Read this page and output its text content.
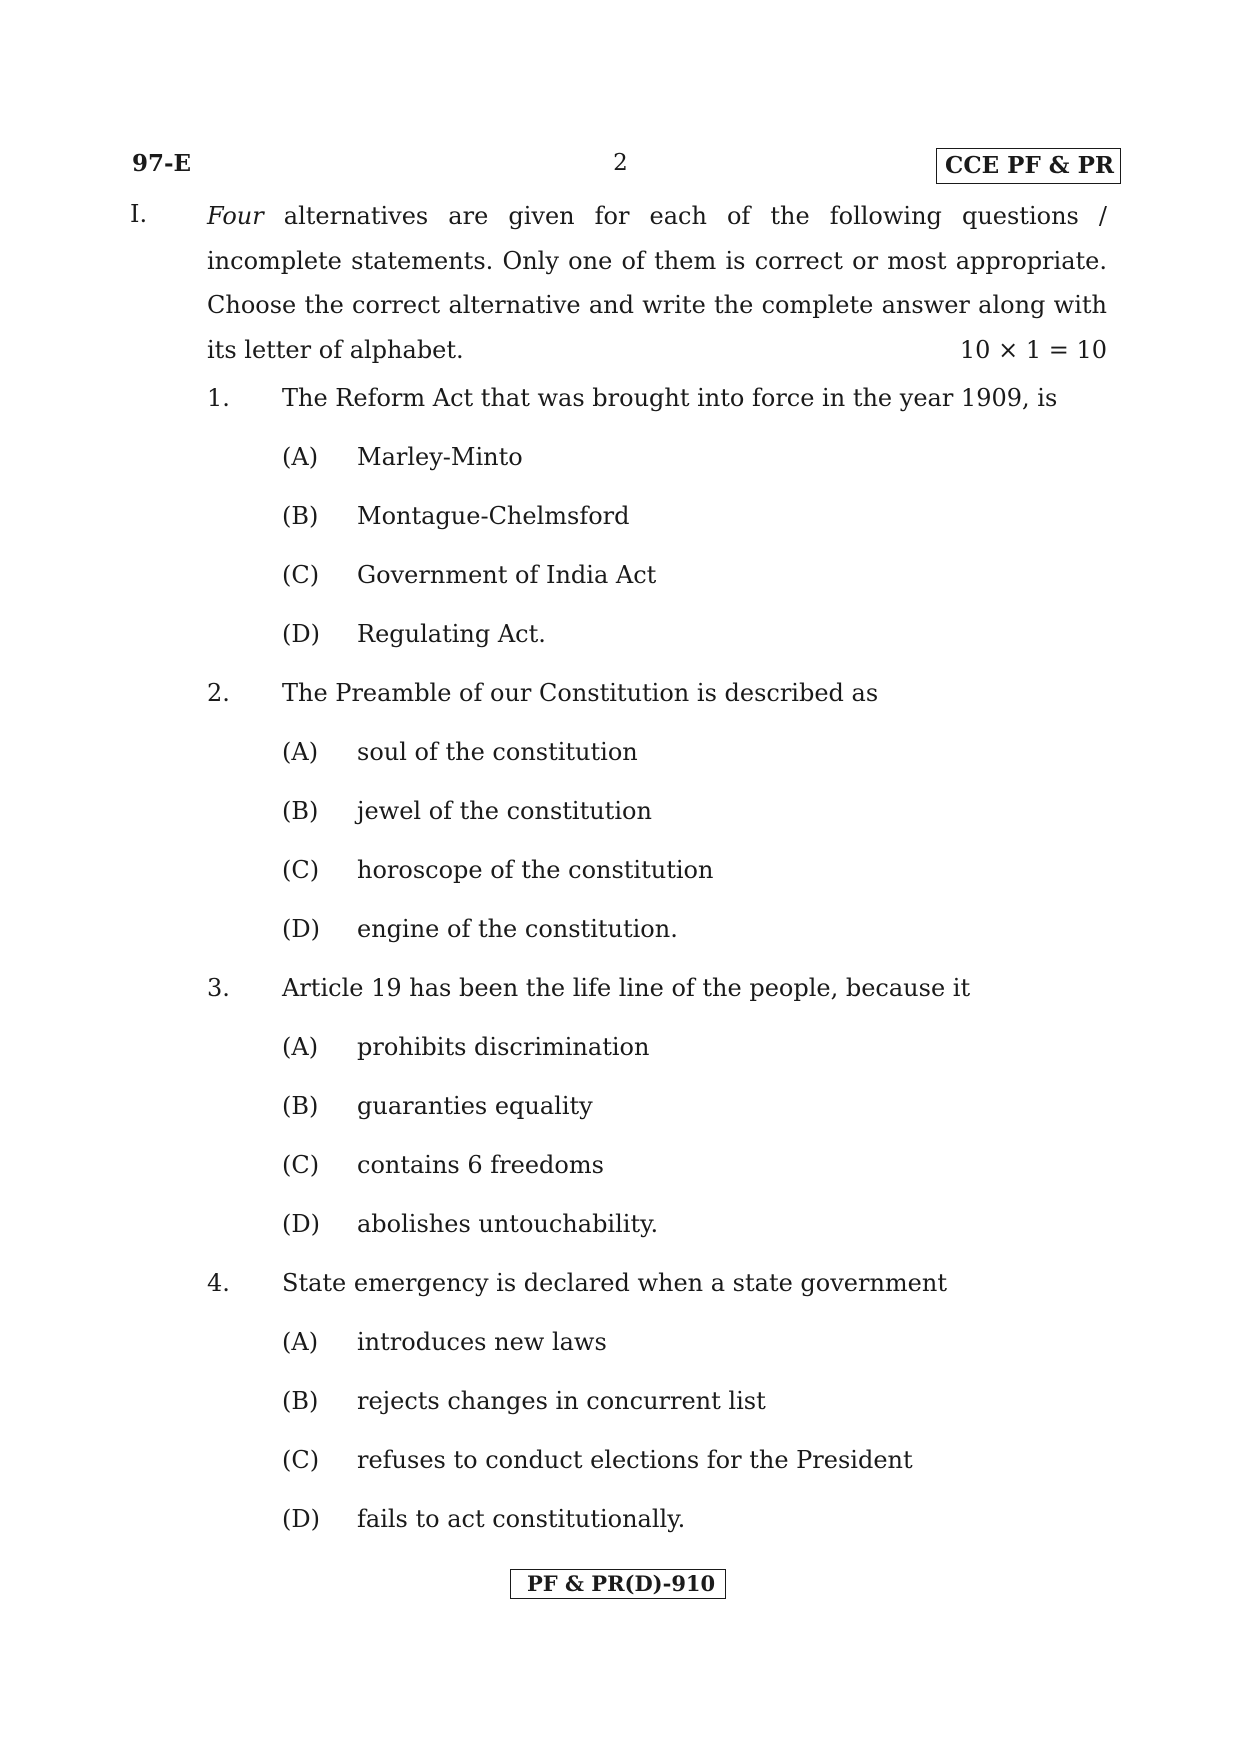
97-E	2	CCE PF & PR
I. Four alternatives are given for each of the following questions / incomplete statements. Only one of them is correct or most appropriate. Choose the correct alternative and write the complete answer along with
its letter of alphabet.	10 × 1 = 10
1.	The Reform Act that was brought into force in the year 1909, is
(A)	Marley-Minto
(B)	Montague-Chelmsford
(C)	Government of India Act
(D)	Regulating Act.
2.	The Preamble of our Constitution is described as
(A)	soul of the constitution
(B)	jewel of the constitution
(C)	horoscope of the constitution
(D)	engine of the constitution.
3.	Article 19 has been the life line of the people, because it
(A)	prohibits discrimination
(B)	guaranties equality
(C)	contains 6 freedoms
(D)	abolishes untouchability.
4.	State emergency is declared when a state government
(A)	introduces new laws
(B)	rejects changes in concurrent list
(C)	refuses to conduct elections for the President
(D)	fails to act constitutionally.
PF & PR(D)-910
